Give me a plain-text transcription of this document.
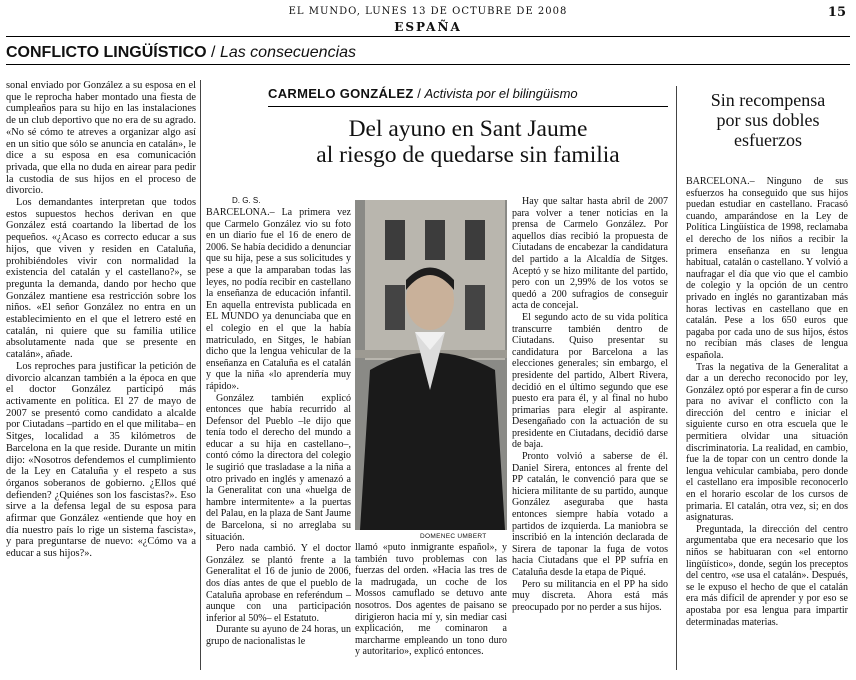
EL MUNDO, LUNES 13 DE OCTUBRE DE 2008
ESPAÑA
15
CONFLICTO LINGÜÍSTICO / Las consecuencias

sonal enviado por González a su esposa en el que le reprocha haber montado una fiesta de cumpleaños para su hijo en las instalaciones de un club deportivo que no era de su agrado. «No sé cómo te atreves a organizar algo así en un sitio que sólo se anuncia en catalán», le dice a su esposa en esa comunicación privada, que ella no duda en airear para pedir la custodia de sus hijos en el proceso de divorcio.

Los demandantes interpretan que todos estos supuestos hechos derivan en que González está coartando la libertad de los pequeños. «¿Acaso es correcto educar a sus hijos, que viven y residen en Cataluña, prohibiéndoles vivir con normalidad la existencia del catalán y el castellano?», se pregunta la demanda, dando por hecho que González mantiene esa restricción sobre los niños. «El señor González no entra en un establecimiento en el que el letrero esté en catalán, ni quiere que su familia utilice absolutamente nada que se presente en catalán», añade.

Los reproches para justificar la petición de divorcio alcanzan también a la época en que el doctor González participó más activamente en política. El 27 de mayo de 2007 se presentó como candidato a alcalde por Ciutadans –partido en el que militaba– en Sitges, localidad a 35 kilómetros de Barcelona en la que reside. Durante un mitin dijo: «Nosotros defendemos el cumplimiento de la Ley en Cataluña y el respeto a sus órganos soberanos de gobierno. ¿Ellos qué defienden? ¿Quiénes son los fascistas?». Eso sirve a la defensa legal de su esposa para afirmar que González «entiende que hoy en día nuestro país lo rige un sistema fascista», y para preguntarse de nuevo: «¿Cómo va a educar a sus hijos?».

CARMELO GONZÁLEZ / Activista por el bilingüismo
Del ayuno en Sant Jaume
al riesgo de quedarse sin familia
D. G. S.

BARCELONA.– La primera vez que Carmelo González vio su foto en un diario fue el 16 de enero de 2006. Se había decidido a denunciar que su hija, pese a sus solicitudes y pese a que la amparaban todas las leyes, no podía recibir en castellano la enseñanza de educación infantil. En aquella entrevista publicada en EL MUNDO ya denunciaba que en el colegio en el que la había matriculado, en Sitges, le habían dicho que la lengua vehicular de la enseñanza en Cataluña es el catalán y que la niña «lo aprendería muy rápido».

González también explicó entonces que había recurrido al Defensor del Pueblo –le dijo que tenía todo el derecho del mundo a educar a su hija en castellano–, contó cómo la directora del colegio le sugirió que trasladase a la niña a otro privado en inglés y amenazó a la Generalitat con una «huelga de hambre intermitente» a la puertas del Palau, en la plaza de Sant Jaume de Barcelona, si no arreglaba su situación.

Pero nada cambió. Y el doctor González se plantó frente a la Generalitat el 16 de junio de 2006, dos días antes de que el pueblo de Cataluña aprobase en referéndum –aunque con una participación inferior al 50%– el Estatuto.

Durante su ayuno de 24 horas, un grupo de nacionalistas le

DOMENEC UMBERT

llamó «puto inmigrante español», y también tuvo problemas con las fuerzas del orden. «Hacia las tres de la madrugada, un coche de los Mossos camuflado se detuvo ante nosotros. Dos agentes de paisano se dirigieron hacia mí y, sin mediar casi explicación, me cominaron a marcharme empleando un tono duro y autoritario», explicó entonces.

Hay que saltar hasta abril de 2007 para volver a tener noticias en la prensa de Carmelo González. Por aquellos días recibió la propuesta de Ciutadans de encabezar la candidatura del partido a la Alcaldía de Sitges. Aceptó y se hizo militante del partido, pero con un 2,99% de los votos se quedó a 200 sufragios de conseguir acta de concejal.

El segundo acto de su vida política transcurre también dentro de Ciutadans. Quiso presentar su candidatura por Barcelona a las elecciones generales; sin embargo, el presidente del partido, Albert Rivera, decidió en el último segundo que ese puesto era para él, y al final no hubo primarias para elegir al aspirante. Desengañado con la actuación de su presidente en Ciutadans, decidió darse de baja.

Pronto volvió a saberse de él. Daniel Sirera, entonces al frente del PP catalán, le convenció para que se hiciera militante de su partido, aunque González aseguraba que hasta entonces siempre había votado a partidos de izquierda. La maniobra se inscribió en la intención declarada de Sirera de taponar la fuga de votos hacia Ciutadans que el PP sufría en Cataluña desde la etapa de Piqué.

Pero su militancia en el PP ha sido muy discreta. Ahora está más preocupado por no perder a sus hijos.

Sin recompensa
por sus dobles
esfuerzos

BARCELONA.– Ninguno de sus esfuerzos ha conseguido que sus hijos puedan estudiar en castellano. Fracasó cuando, amparándose en la Ley de Política Lingüística de 1998, reclamaba el derecho de los niños a recibir la primera enseñanza en su lengua habitual, catalán o castellano. Y volvió a naufragar el día que vio que el cambio de colegio y la opción de un centro privado en inglés no garantizaban más horas lectivas en castellano que en catalán. Pese a los 650 euros que pagaba por cada uno de sus hijos, éstos no recibían más clases de lengua española.

Tras la negativa de la Generalitat a dar a un derecho reconocido por ley, González optó por esperar a fin de curso para no avivar el conflicto con la dirección del centro e iniciar el siguiente curso en otra escuela que le permitiera olvidar una situación discriminatoria. La realidad, en cambio, fue la de topar con un centro donde la lengua vehicular cambiaba, pero donde el castellano era imposible reconocerlo en el horario escolar de los cursos de primaria. El catalán, otra vez, si; en dos asignaturas.

Preguntada, la dirección del centro argumentaba que era necesario que los niños se habituaran con «el entorno lingüístico», donde, según los preceptos del centro, «se usa el catalán». Después, se le expuso el hecho de que el catalán era más difícil de aprender y por eso se apostaba por esa lengua para impartir determinadas materias.
